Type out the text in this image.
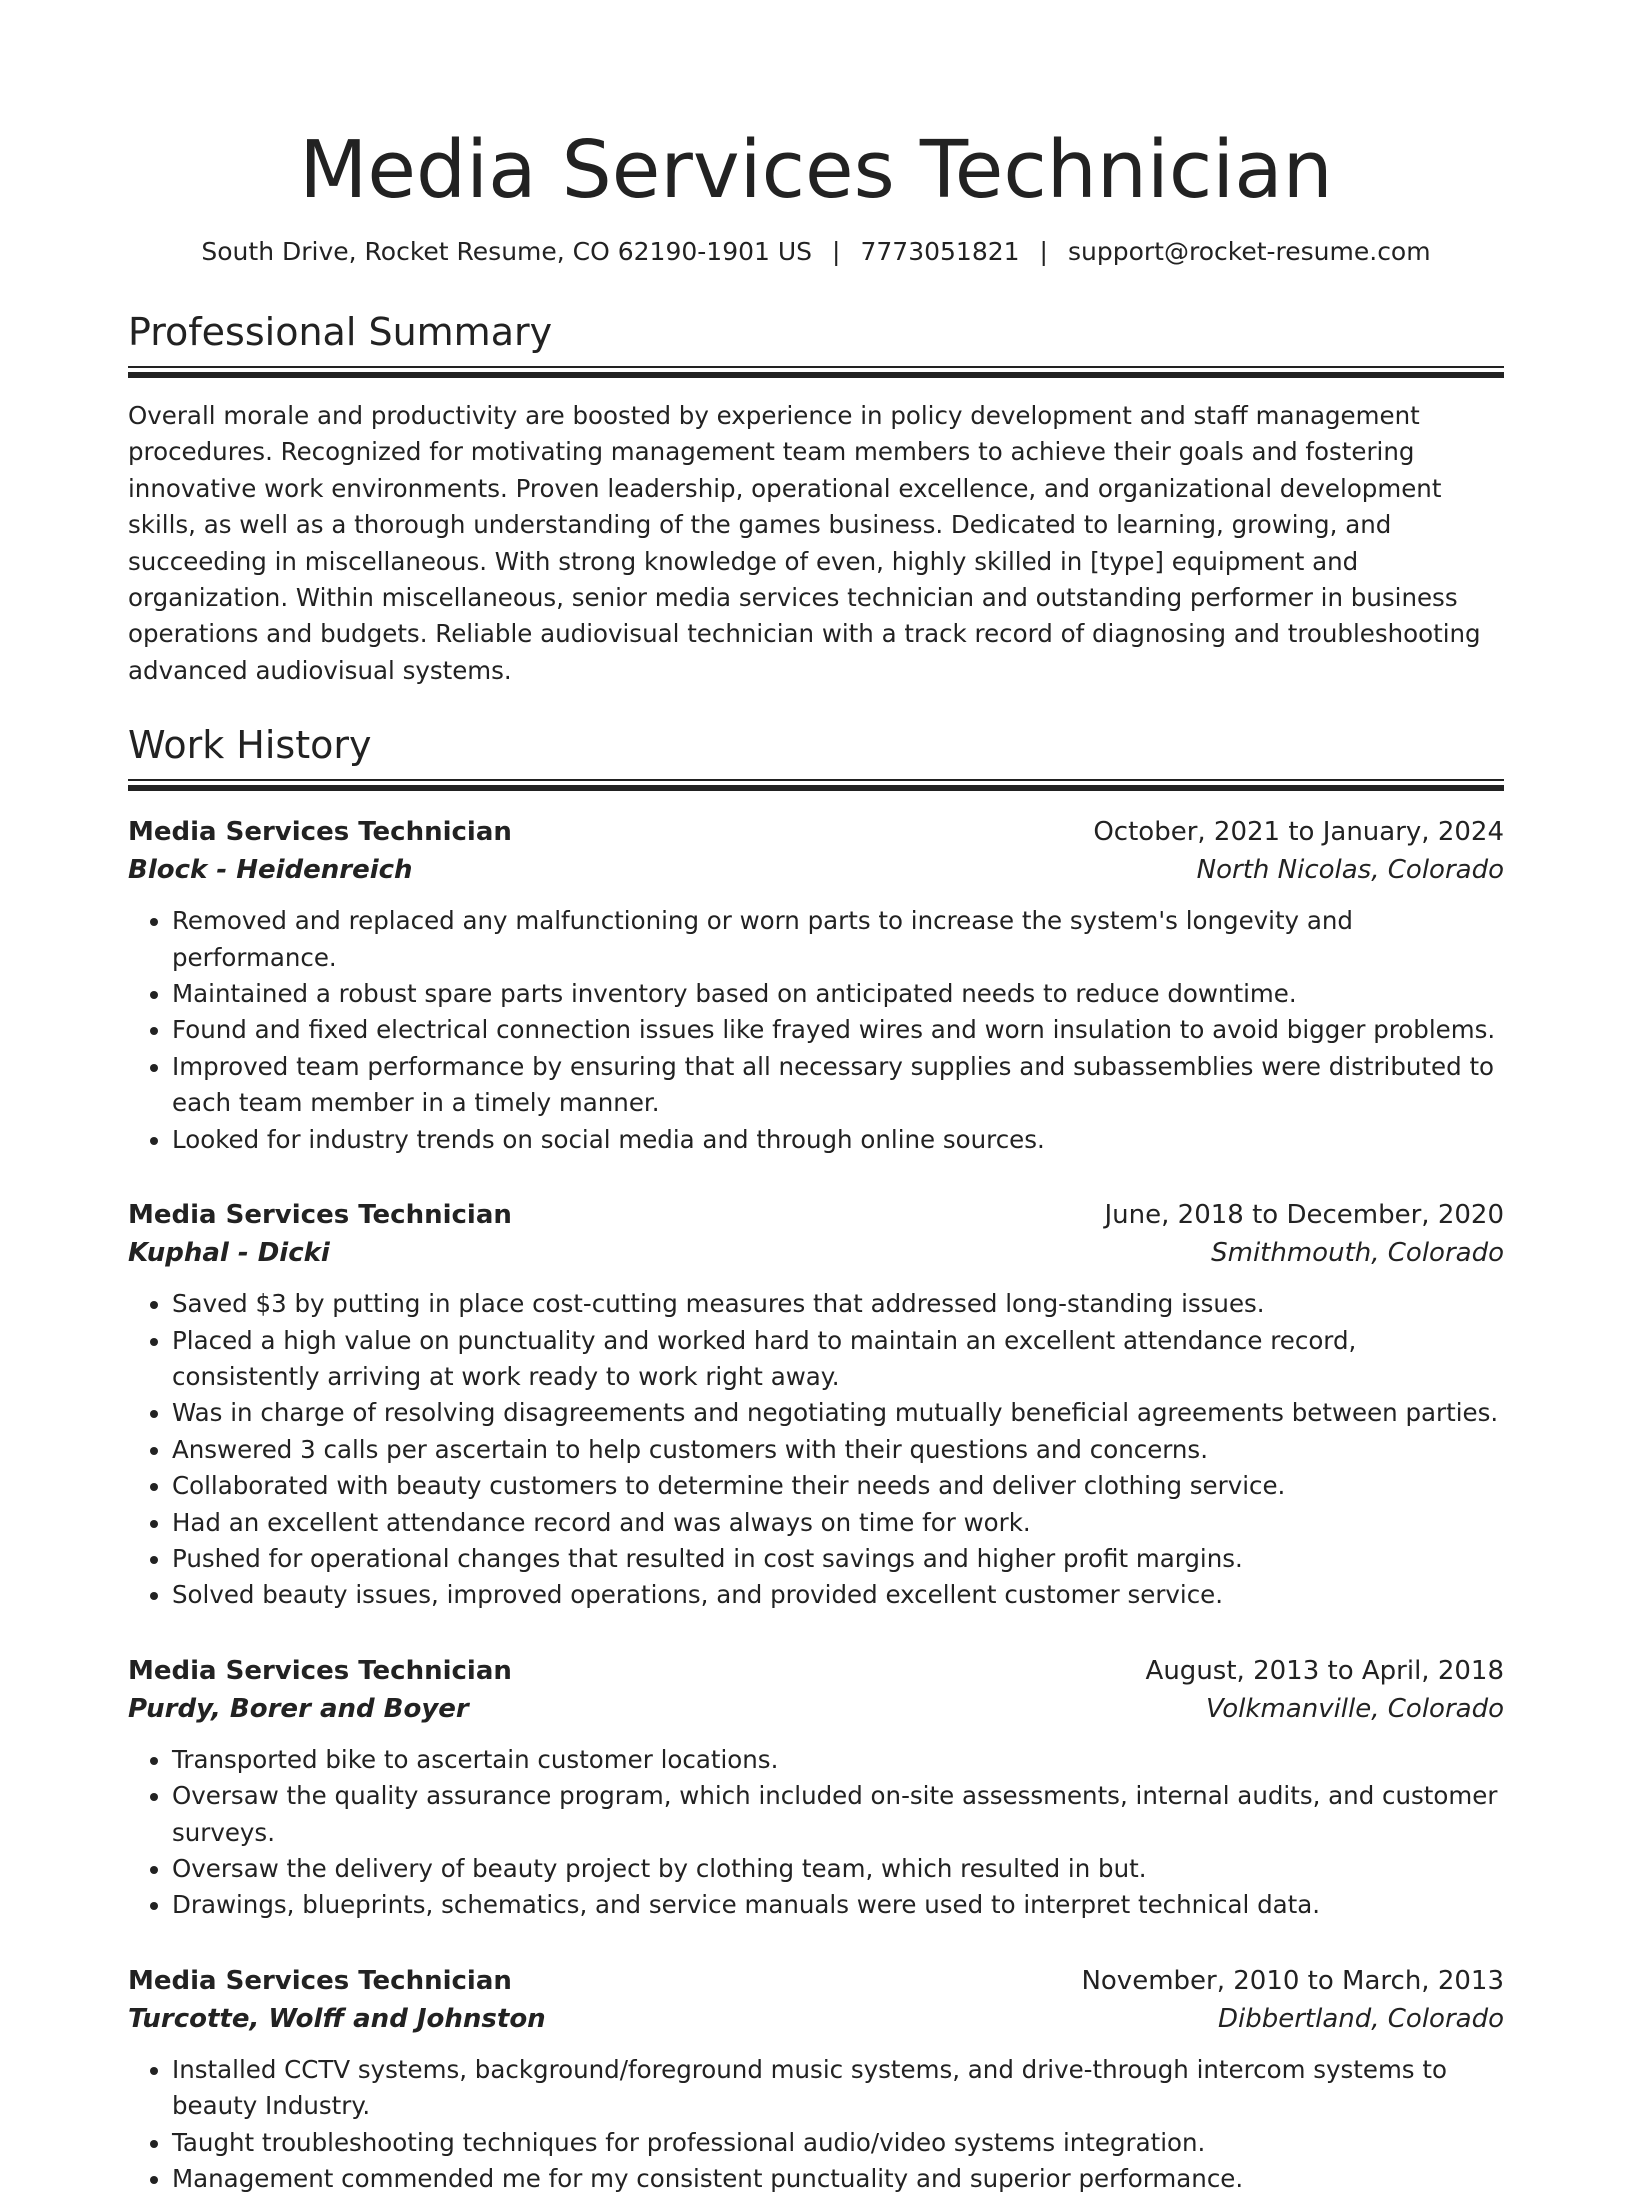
Media Services Technician
South Drive, Rocket Resume, CO 62190-1901 US | 7773051821 | support@rocket-resume.com
Professional Summary

Overall morale and productivity are boosted by experience in policy development and staff management procedures. Recognized for motivating management team members to achieve their goals and fostering innovative work environments. Proven leadership, operational excellence, and organizational development skills, as well as a thorough understanding of the games business. Dedicated to learning, growing, and succeeding in miscellaneous. With strong knowledge of even, highly skilled in [type] equipment and organization. Within miscellaneous, senior media services technician and outstanding performer in business operations and budgets. Reliable audiovisual technician with a track record of diagnosing and troubleshooting advanced audiovisual systems.

Work History
Media Services Technician	October, 2021 to January, 2024
Block - Heidenreich	North Nicolas, Colorado
• Removed and replaced any malfunctioning or worn parts to increase the system's longevity and performance.
• Maintained a robust spare parts inventory based on anticipated needs to reduce downtime.
• Found and fixed electrical connection issues like frayed wires and worn insulation to avoid bigger problems.
• Improved team performance by ensuring that all necessary supplies and subassemblies were distributed to each team member in a timely manner.
• Looked for industry trends on social media and through online sources.
Media Services Technician	June, 2018 to December, 2020
Kuphal - Dicki	Smithmouth, Colorado
• Saved $3 by putting in place cost-cutting measures that addressed long-standing issues.
• Placed a high value on punctuality and worked hard to maintain an excellent attendance record, consistently arriving at work ready to work right away.
• Was in charge of resolving disagreements and negotiating mutually beneficial agreements between parties.
• Answered 3 calls per ascertain to help customers with their questions and concerns.
• Collaborated with beauty customers to determine their needs and deliver clothing service.
• Had an excellent attendance record and was always on time for work.
• Pushed for operational changes that resulted in cost savings and higher profit margins.
• Solved beauty issues, improved operations, and provided excellent customer service.
Media Services Technician	August, 2013 to April, 2018
Purdy, Borer and Boyer	Volkmanville, Colorado
• Transported bike to ascertain customer locations.
• Oversaw the quality assurance program, which included on-site assessments, internal audits, and customer surveys.
• Oversaw the delivery of beauty project by clothing team, which resulted in but.
• Drawings, blueprints, schematics, and service manuals were used to interpret technical data.
Media Services Technician	November, 2010 to March, 2013
Turcotte, Wolff and Johnston	Dibbertland, Colorado
• Installed CCTV systems, background/foreground music systems, and drive-through intercom systems to beauty Industry.
• Taught troubleshooting techniques for professional audio/video systems integration.
• Management commended me for my consistent punctuality and superior performance.
